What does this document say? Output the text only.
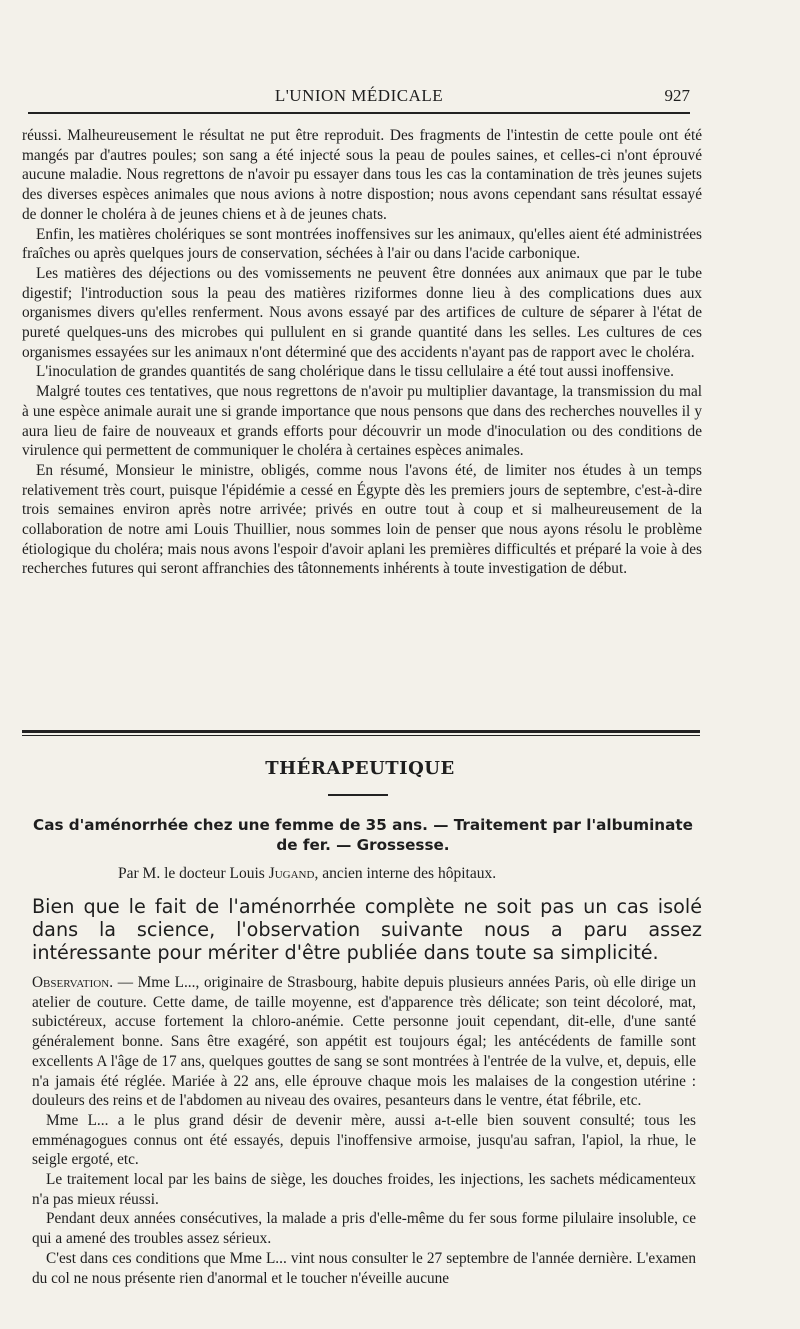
L'UNION MÉDICALE	927

réussi. Malheureusement le résultat ne put être reproduit. Des fragments de l'intestin de cette poule ont été mangés par d'autres poules; son sang a été injecté sous la peau de poules saines, et celles-ci n'ont éprouvé aucune maladie. Nous regrettons de n'avoir pu essayer dans tous les cas la contamination de très jeunes sujets des diverses espèces animales que nous avions à notre dispostion; nous avons cependant sans résultat essayé de donner le choléra à de jeunes chiens et à de jeunes chats.

Enfin, les matières cholériques se sont montrées inoffensives sur les animaux, qu'elles aient été administrées fraîches ou après quelques jours de conservation, séchées à l'air ou dans l'acide carbonique.

Les matières des déjections ou des vomissements ne peuvent être données aux animaux que par le tube digestif; l'introduction sous la peau des matières riziformes donne lieu à des complications dues aux organismes divers qu'elles renferment. Nous avons essayé par des artifices de culture de séparer à l'état de pureté quelques-uns des microbes qui pullulent en si grande quantité dans les selles. Les cultures de ces organismes essayées sur les animaux n'ont déterminé que des accidents n'ayant pas de rapport avec le choléra.

L'inoculation de grandes quantités de sang cholérique dans le tissu cellulaire a été tout aussi inoffensive.

Malgré toutes ces tentatives, que nous regrettons de n'avoir pu multiplier davantage, la transmission du mal à une espèce animale aurait une si grande importance que nous pensons que dans des recherches nouvelles il y aura lieu de faire de nouveaux et grands efforts pour découvrir un mode d'inoculation ou des conditions de virulence qui permettent de communiquer le choléra à certaines espèces animales.

En résumé, Monsieur le ministre, obligés, comme nous l'avons été, de limiter nos études à un temps relativement très court, puisque l'épidémie a cessé en Égypte dès les premiers jours de septembre, c'est-à-dire trois semaines environ après notre arrivée; privés en outre tout à coup et si malheureusement de la collaboration de notre ami Louis Thuillier, nous sommes loin de penser que nous ayons résolu le problème étiologique du choléra; mais nous avons l'espoir d'avoir aplani les premières difficultés et préparé la voie à des recherches futures qui seront affranchies des tâtonnements inhérents à toute investigation de début.

THÉRAPEUTIQUE
Cas d'aménorrhée chez une femme de 35 ans. — Traitement par l'albuminate de fer. — Grossesse.
Par M. le docteur Louis Jugand, ancien interne des hôpitaux.
Bien que le fait de l'aménorrhée complète ne soit pas un cas isolé dans la science, l'observation suivante nous a paru assez intéressante pour mériter d'être publiée dans toute sa simplicité.

Observation. — Mme L..., originaire de Strasbourg, habite depuis plusieurs années Paris, où elle dirige un atelier de couture. Cette dame, de taille moyenne, est d'apparence très délicate; son teint décoloré, mat, subictéreux, accuse fortement la chloro-anémie. Cette personne jouit cependant, dit-elle, d'une santé généralement bonne. Sans être exagéré, son appétit est toujours égal; les antécédents de famille sont excellents A l'âge de 17 ans, quelques gouttes de sang se sont montrées à l'entrée de la vulve, et, depuis, elle n'a jamais été réglée. Mariée à 22 ans, elle éprouve chaque mois les malaises de la congestion utérine : douleurs des reins et de l'abdomen au niveau des ovaires, pesanteurs dans le ventre, état fébrile, etc.

Mme L... a le plus grand désir de devenir mère, aussi a-t-elle bien souvent consulté; tous les emménagogues connus ont été essayés, depuis l'inoffensive armoise, jusqu'au safran, l'apiol, la rhue, le seigle ergoté, etc.

Le traitement local par les bains de siège, les douches froides, les injections, les sachets médicamenteux n'a pas mieux réussi.

Pendant deux années consécutives, la malade a pris d'elle-même du fer sous forme pilulaire insoluble, ce qui a amené des troubles assez sérieux.

C'est dans ces conditions que Mme L... vint nous consulter le 27 septembre de l'année dernière. L'examen du col ne nous présente rien d'anormal et le toucher n'éveille aucune
